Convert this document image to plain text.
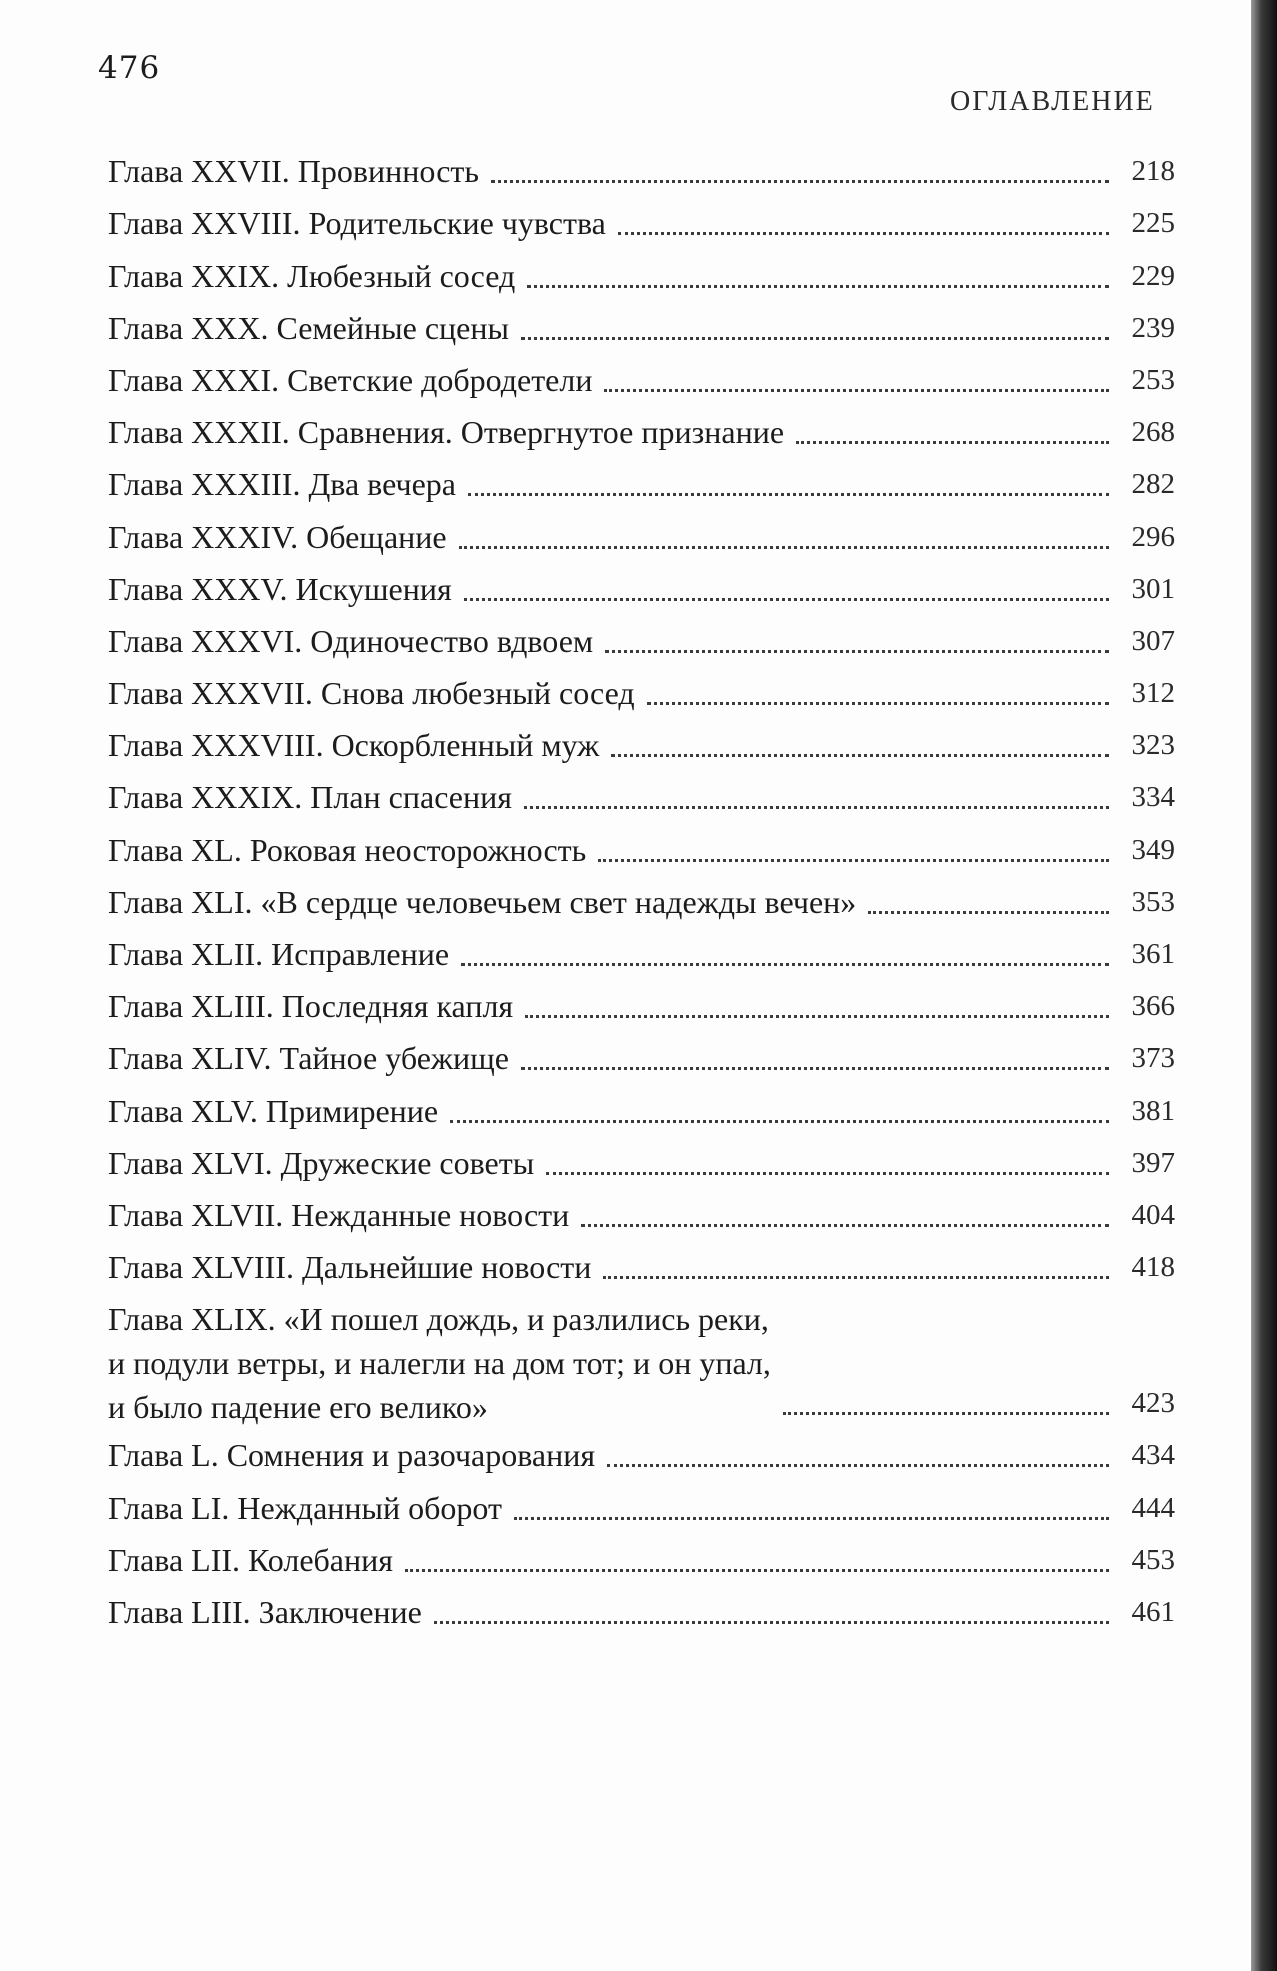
476
ОГЛАВЛЕНИЕ
Глава XXVII. Провинность	218
Глава XXVIII. Родительские чувства	225
Глава XXIX. Любезный сосед	229
Глава XXX. Семейные сцены	239
Глава XXXI. Светские добродетели	253
Глава XXXII. Сравнения. Отвергнутое признание	268
Глава XXXIII. Два вечера	282
Глава XXXIV. Обещание	296
Глава XXXV. Искушения	301
Глава XXXVI. Одиночество вдвоем	307
Глава XXXVII. Снова любезный сосед	312
Глава XXXVIII. Оскорбленный муж	323
Глава XXXIX. План спасения	334
Глава XL. Роковая неосторожность	349
Глава XLI. «В сердце человечьем свет надежды вечен»	353
Глава XLII. Исправление	361
Глава XLIII. Последняя капля	366
Глава XLIV. Тайное убежище	373
Глава XLV. Примирение	381
Глава XLVI. Дружеские советы	397
Глава XLVII. Нежданные новости	404
Глава XLVIII. Дальнейшие новости	418
Глава XLIX. «И пошел дождь, и разлились реки,
и подули ветры, и налегли на дом тот; и он упал,
и было падение его велико»	423
Глава L. Сомнения и разочарования	434
Глава LI. Нежданный оборот	444
Глава LII. Колебания	453
Глава LIII. Заключение	461
